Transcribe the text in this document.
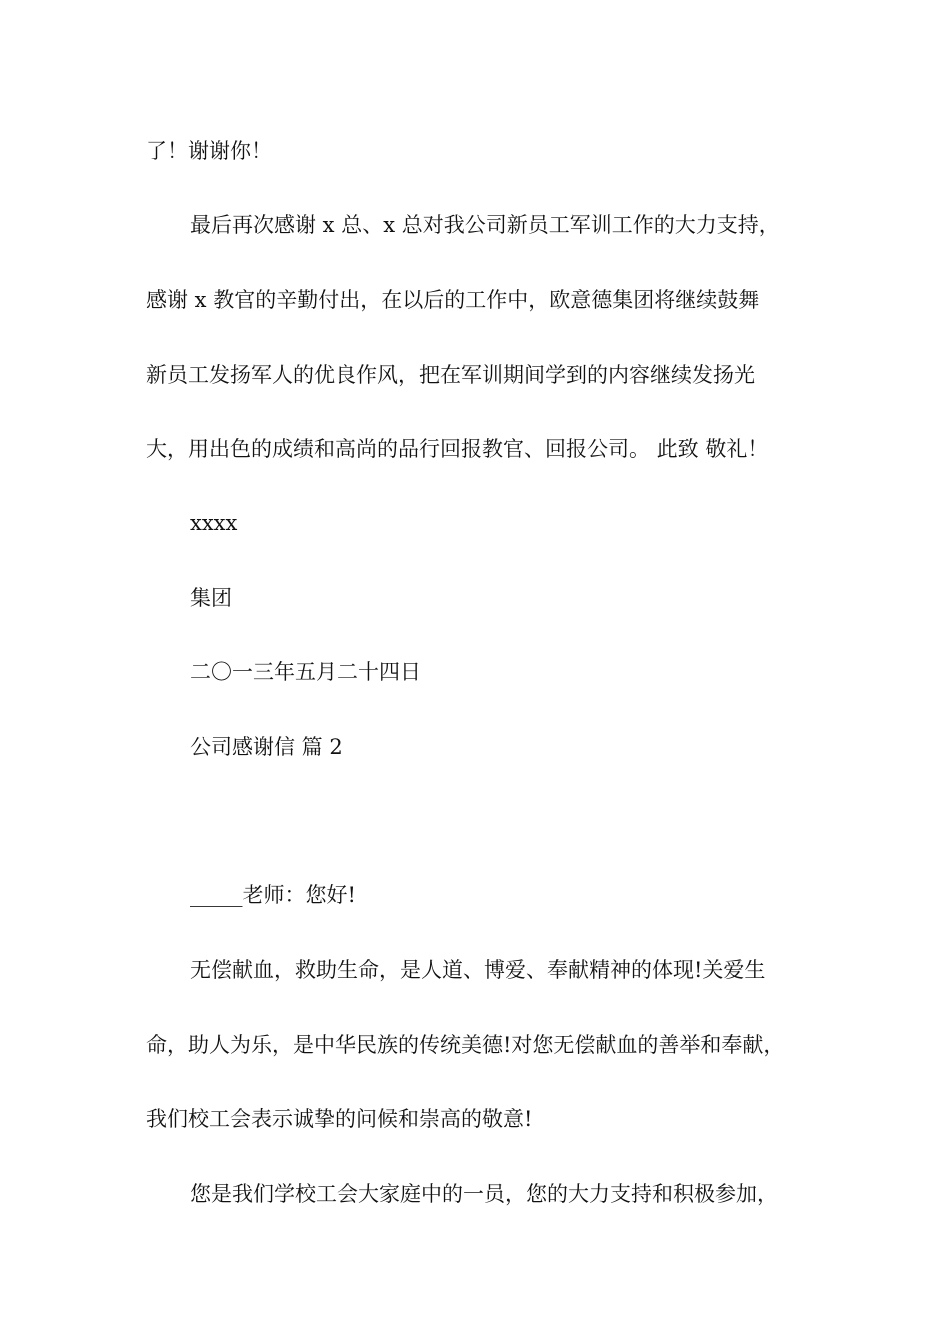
了！谢谢你！
最后再次感谢 x 总、x 总对我公司新员工军训工作的大力支持，
感谢 x 教官的辛勤付出，在以后的工作中，欧意德集团将继续鼓舞
新员工发扬军人的优良作风，把在军训期间学到的内容继续发扬光
大，用出色的成绩和高尚的品行回报教官、回报公司。 此致 敬礼！
xxxx
集团
二〇一三年五月二十四日
公司感谢信 篇 2
_____老师：您好!
无偿献血，救助生命，是人道、博爱、奉献精神的体现!关爱生
命，助人为乐，是中华民族的传统美德!对您无偿献血的善举和奉献，
我们校工会表示诚挚的问候和崇高的敬意!
您是我们学校工会大家庭中的一员，您的大力支持和积极参加，
